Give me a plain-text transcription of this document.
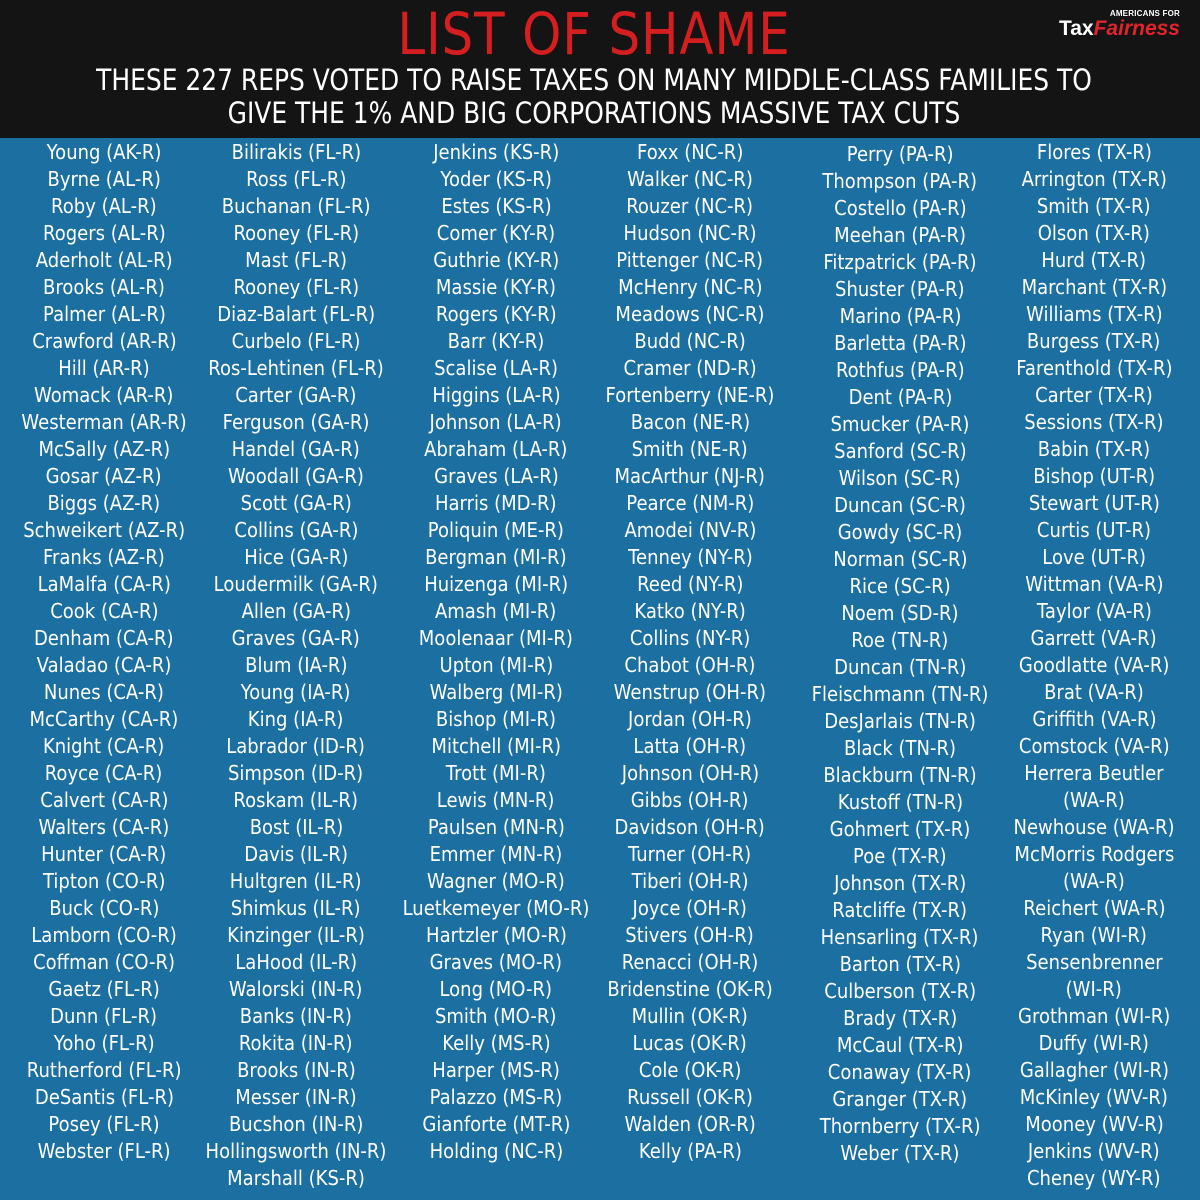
LIST OF SHAME
THESE 227 REPS VOTED TO RAISE TAXES ON MANY MIDDLE-CLASS FAMILIES TO
GIVE THE 1% AND BIG CORPORATIONS MASSIVE TAX CUTS
AMERICANS FOR
TaxFairness
Young (AK-R)
Byrne (AL-R)
Roby (AL-R)
Rogers (AL-R)
Aderholt (AL-R)
Brooks (AL-R)
Palmer (AL-R)
Crawford (AR-R)
Hill (AR-R)
Womack (AR-R)
Westerman (AR-R)
McSally (AZ-R)
Gosar (AZ-R)
Biggs (AZ-R)
Schweikert (AZ-R)
Franks (AZ-R)
LaMalfa (CA-R)
Cook (CA-R)
Denham (CA-R)
Valadao (CA-R)
Nunes (CA-R)
McCarthy (CA-R)
Knight (CA-R)
Royce (CA-R)
Calvert (CA-R)
Walters (CA-R)
Hunter (CA-R)
Tipton (CO-R)
Buck (CO-R)
Lamborn (CO-R)
Coffman (CO-R)
Gaetz (FL-R)
Dunn (FL-R)
Yoho (FL-R)
Rutherford (FL-R)
DeSantis (FL-R)
Posey (FL-R)
Webster (FL-R)
Bilirakis (FL-R)
Ross (FL-R)
Buchanan (FL-R)
Rooney (FL-R)
Mast (FL-R)
Rooney (FL-R)
Diaz-Balart (FL-R)
Curbelo (FL-R)
Ros-Lehtinen (FL-R)
Carter (GA-R)
Ferguson (GA-R)
Handel (GA-R)
Woodall (GA-R)
Scott (GA-R)
Collins (GA-R)
Hice (GA-R)
Loudermilk (GA-R)
Allen (GA-R)
Graves (GA-R)
Blum (IA-R)
Young (IA-R)
King (IA-R)
Labrador (ID-R)
Simpson (ID-R)
Roskam (IL-R)
Bost (IL-R)
Davis (IL-R)
Hultgren (IL-R)
Shimkus (IL-R)
Kinzinger (IL-R)
LaHood (IL-R)
Walorski (IN-R)
Banks (IN-R)
Rokita (IN-R)
Brooks (IN-R)
Messer (IN-R)
Bucshon (IN-R)
Hollingsworth (IN-R)
Marshall (KS-R)
Jenkins (KS-R)
Yoder (KS-R)
Estes (KS-R)
Comer (KY-R)
Guthrie (KY-R)
Massie (KY-R)
Rogers (KY-R)
Barr (KY-R)
Scalise (LA-R)
Higgins (LA-R)
Johnson (LA-R)
Abraham (LA-R)
Graves (LA-R)
Harris (MD-R)
Poliquin (ME-R)
Bergman (MI-R)
Huizenga (MI-R)
Amash (MI-R)
Moolenaar (MI-R)
Upton (MI-R)
Walberg (MI-R)
Bishop (MI-R)
Mitchell (MI-R)
Trott (MI-R)
Lewis (MN-R)
Paulsen (MN-R)
Emmer (MN-R)
Wagner (MO-R)
Luetkemeyer (MO-R)
Hartzler (MO-R)
Graves (MO-R)
Long (MO-R)
Smith (MO-R)
Kelly (MS-R)
Harper (MS-R)
Palazzo (MS-R)
Gianforte (MT-R)
Holding (NC-R)
Foxx (NC-R)
Walker (NC-R)
Rouzer (NC-R)
Hudson (NC-R)
Pittenger (NC-R)
McHenry (NC-R)
Meadows (NC-R)
Budd (NC-R)
Cramer (ND-R)
Fortenberry (NE-R)
Bacon (NE-R)
Smith (NE-R)
MacArthur (NJ-R)
Pearce (NM-R)
Amodei (NV-R)
Tenney (NY-R)
Reed (NY-R)
Katko (NY-R)
Collins (NY-R)
Chabot (OH-R)
Wenstrup (OH-R)
Jordan (OH-R)
Latta (OH-R)
Johnson (OH-R)
Gibbs (OH-R)
Davidson (OH-R)
Turner (OH-R)
Tiberi (OH-R)
Joyce (OH-R)
Stivers (OH-R)
Renacci (OH-R)
Bridenstine (OK-R)
Mullin (OK-R)
Lucas (OK-R)
Cole (OK-R)
Russell (OK-R)
Walden (OR-R)
Kelly (PA-R)
Perry (PA-R)
Thompson (PA-R)
Costello (PA-R)
Meehan (PA-R)
Fitzpatrick (PA-R)
Shuster (PA-R)
Marino (PA-R)
Barletta (PA-R)
Rothfus (PA-R)
Dent (PA-R)
Smucker (PA-R)
Sanford (SC-R)
Wilson (SC-R)
Duncan (SC-R)
Gowdy (SC-R)
Norman (SC-R)
Rice (SC-R)
Noem (SD-R)
Roe (TN-R)
Duncan (TN-R)
Fleischmann (TN-R)
DesJarlais (TN-R)
Black (TN-R)
Blackburn (TN-R)
Kustoff (TN-R)
Gohmert (TX-R)
Poe (TX-R)
Johnson (TX-R)
Ratcliffe (TX-R)
Hensarling (TX-R)
Barton (TX-R)
Culberson (TX-R)
Brady (TX-R)
McCaul (TX-R)
Conaway (TX-R)
Granger (TX-R)
Thornberry (TX-R)
Weber (TX-R)
Flores (TX-R)
Arrington (TX-R)
Smith (TX-R)
Olson (TX-R)
Hurd (TX-R)
Marchant (TX-R)
Williams (TX-R)
Burgess (TX-R)
Farenthold (TX-R)
Carter (TX-R)
Sessions (TX-R)
Babin (TX-R)
Bishop (UT-R)
Stewart (UT-R)
Curtis (UT-R)
Love (UT-R)
Wittman (VA-R)
Taylor (VA-R)
Garrett (VA-R)
Goodlatte (VA-R)
Brat (VA-R)
Griffith (VA-R)
Comstock (VA-R)
Herrera Beutler
(WA-R)
Newhouse (WA-R)
McMorris Rodgers
(WA-R)
Reichert (WA-R)
Ryan (WI-R)
Sensenbrenner
(WI-R)
Grothman (WI-R)
Duffy (WI-R)
Gallagher (WI-R)
McKinley (WV-R)
Mooney (WV-R)
Jenkins (WV-R)
Cheney (WY-R)
